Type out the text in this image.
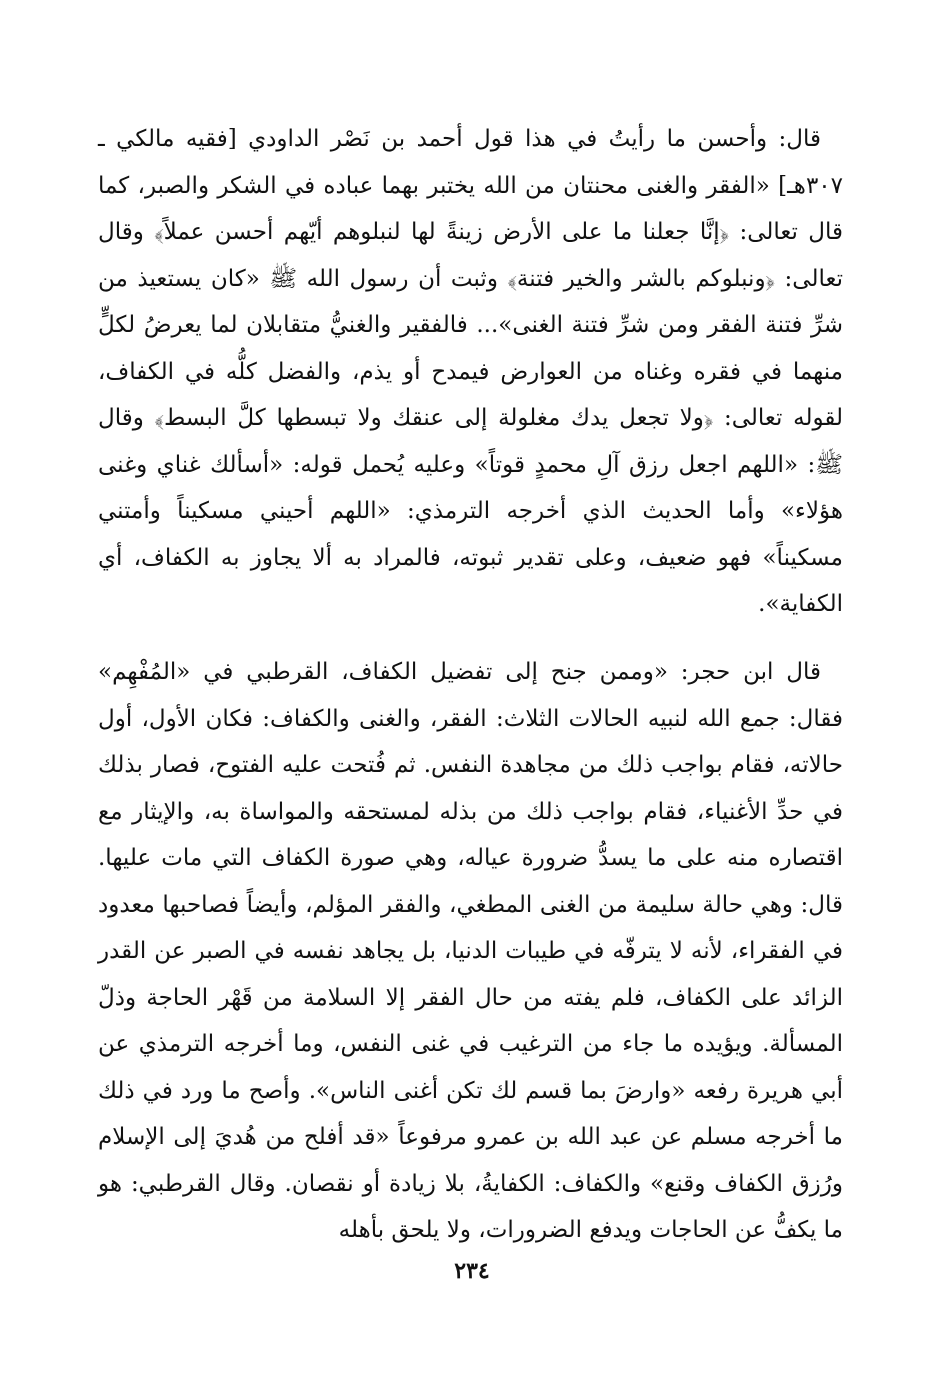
قال: وأحسن ما رأيتُ في هذا قول أحمد بن نَصْر الداودي [فقيه مالكي ـ ٣٠٧هـ] «الفقر والغنى محنتان من الله يختبر بهما عباده في الشكر والصبر، كما قال تعالى: ﴿إنَّا جعلنا ما على الأرض زينةً لها لنبلوهم أيّهم أحسن عملاً﴾ وقال تعالى: ﴿ونبلوكم بالشر والخير فتنة﴾ وثبت أن رسول الله ﷺ «كان يستعيذ من شرِّ فتنة الفقر ومن شرِّ فتنة الغنى»... فالفقير والغنيُّ متقابلان لما يعرضُ لكلٍّ منهما في فقره وغناه من العوارض فيمدح أو يذم، والفضل كلُّه في الكفاف، لقوله تعالى: ﴿ولا تجعل يدك مغلولة إلى عنقك ولا تبسطها كلَّ البسط﴾ وقال ﷺ: «اللهم اجعل رزق آلِ محمدٍ قوتاً» وعليه يُحمل قوله: «أسألك غناي وغنى هؤلاء» وأما الحديث الذي أخرجه الترمذي: «اللهم أحيني مسكيناً وأمتني مسكيناً» فهو ضعيف، وعلى تقدير ثبوته، فالمراد به ألا يجاوز به الكفاف، أي الكفاية».

قال ابن حجر: «وممن جنح إلى تفضيل الكفاف، القرطبي في «المُفْهِم» فقال: جمع الله لنبيه الحالات الثلاث: الفقر، والغنى والكفاف: فكان الأول، أول حالاته، فقام بواجب ذلك من مجاهدة النفس. ثم فُتحت عليه الفتوح، فصار بذلك في حدِّ الأغنياء، فقام بواجب ذلك من بذله لمستحقه والمواساة به، والإيثار مع اقتصاره منه على ما يسدُّ ضرورة عياله، وهي صورة الكفاف التي مات عليها. قال: وهي حالة سليمة من الغنى المطغي، والفقر المؤلم، وأيضاً فصاحبها معدود في الفقراء، لأنه لا يترفّه في طيبات الدنيا، بل يجاهد نفسه في الصبر عن القدر الزائد على الكفاف، فلم يفته من حال الفقر إلا السلامة من قَهْر الحاجة وذلّ المسألة. ويؤيده ما جاء من الترغيب في غنى النفس، وما أخرجه الترمذي عن أبي هريرة رفعه «وارضَ بما قسم لك تكن أغنى الناس». وأصح ما ورد في ذلك ما أخرجه مسلم عن عبد الله بن عمرو مرفوعاً «قد أفلح من هُديَ إلى الإسلام ورُزق الكفاف وقنع» والكفاف: الكفايةُ، بلا زيادة أو نقصان. وقال القرطبي: هو ما يكفُّ عن الحاجات ويدفع الضرورات، ولا يلحق بأهله

٢٣٤
